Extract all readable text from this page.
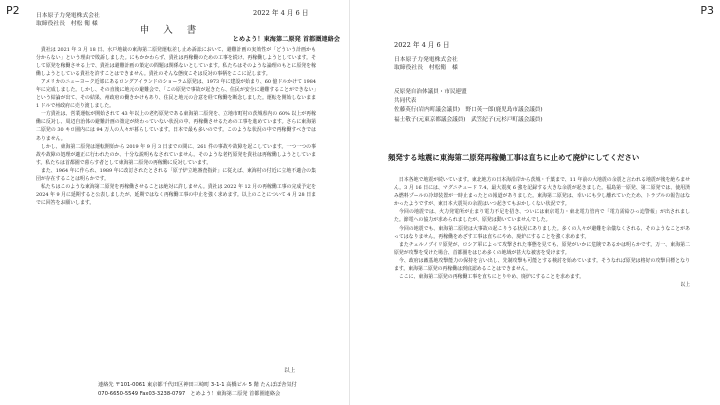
P2	P3
2022 年 4 月 6 日
日本原子力発電株式会社
取締役社長　村松 衛 様
申入書
とめよう！東海第二原発 首都圏連絡会

貴社は 2021 年 3 月 18 日、水戸地裁の東海第二原発運転差し止め訴訟において、避難計画の実効性が「どういう計画かも分からない」という理由で敗訴しました。にもかかわらず、貴社は再稼働のための工事を続け、再稼働しようとしています。そして原発を稼働させる上で、貴社は避難計画の策定の問題は関係ないとしています。私たちはそのような論理のもとに原発を稼働しようとしている貴社を許すことはできません。貴社のそんな態度こそは反対の事柄をここに記します。

アメリカのニューヨーク近郊にあるロングアイランドのショーラム原発は、1973 年に建設が始まり、60 億ドルかけて 1984 年に完成しました。しかし、その直後に地元の避難会で、「この原発で事故が起きたら、住民が安全に避難することができない」という結論が出て、その結果、州政府の働きかけもあり、住民と地元の合意を経て稼働を断念しました。運転を開始しないまま 1 ドルで州政府に売り渡しました。

一方貴社は、営業運転が開始されて 43 年以上の老朽原発である東海第二原発を、立地市町村の茨城県内の 60% 以上が再稼働に反対し、周辺自治体の避難計画の策定が終わっていない状況の中、再稼働させるための工事を進めています。さらに東海第二原発の 30 キロ圏内には 94 万人の人々が暮らしています。日本で最も多いのです。このような状況の中で再稼働すべきではありません。

しかし、東海第二原発は運転開始から 2019 年 9 月 3 日までの間に、261 件の事故や故障を起こしています。一つ一つの事故や故障の処理が適正に行われたのか、十分な説明もなされていません。そのような老朽原発を貴社は再稼働しようとしています。私たちは首都圏で暮らす者として東海第二原発の再稼働に反対しています。

また、1964 年に作られ、1989 年に改訂されたとされる「原子炉立地審査指針」に従えば、東海村の付近に立地不適合の集団が存在することは明らかです。

私たちはこのような東海第二原発を再稼働させることは絶対に許しません。貴社は 2022 年 12 月の再稼働工事の完成予定を 2024 年 9 月に延期すると公表しましたが、延期ではなく再稼働工事の中止を強く求めます。以上のことについて 4 月 28 日までに回答をお願いします。

以上
連絡先 〒101-0061 東京都千代田区神田三崎町 3-1-1 高橋ビル 5 階 たんぽぽ舎気付
070-6650-5549 Fax03-3238-0797　とめよう！東海第二原発 首都圏連絡会
2022 年 4 月 6 日
日本原子力発電株式会社
取締役社長　村松衛　様
反原発自治体議員・市民連盟
共同代表
佐藤英行(岩内町議会議員)　野口英一郎(鹿児島市議会議員)
福士敬子(元東京都議会議員)　武笠紀子(元杉戸町議会議員)
頻発する地震に東海第二原発再稼働工事は直ちに止めて廃炉にしてください

日本各地で地震が続いています。東北地方の日本海沿岸から茨城・千葉まで、11 年前の大地震の余震と言われる地震が後を絶ちません。3 月 16 日には、マグニチュード 7.4、最大震度 6 強を記録する大きな余震が起きました。福島第一原発、第二原発では、使用済み燃料プールの冷却装置が一時止まったとの報道がありました。東海第二原発は、幸いにも少し離れていたため、トラブルの報告はなかったようですが、東日本大震災の余震はいつ起きてもおかしくない状況です。

今回の地震では、火力発電所が止まり電力不足を招き、ついには東京電力・東北電力管内で「電力需給ひっ迫警報」が出されました。節電への協力が求められましたが、原発は動いていませんでした。

今回の地震でも、東海第二原発は大事故の起こりうる状況にありました。多くの人々が避難を余儀なくされる、そのようなことがあってはなりません。再稼働をめざす工事は直ちにやめ、廃炉にすることを強く求めます。

またチェルノブイリ原発が、ロシア軍によって攻撃された事態を見ても、原発がいかに危険であるかは明らかです。万一、東海第二原発が攻撃を受けた場合、首都圏をはじめ多くの地域が甚大な被害を受けます。

今、政府は敵基地攻撃能力の保持を言い出し、先制攻撃も可能とする検討を始めています。そうなれば原発は格好の攻撃目標となります。東海第二原発の再稼働は到底認めることはできません。

ここに、東海第二原発の再稼働工事を直ちにとりやめ、廃炉にすることを求めます。

以上
